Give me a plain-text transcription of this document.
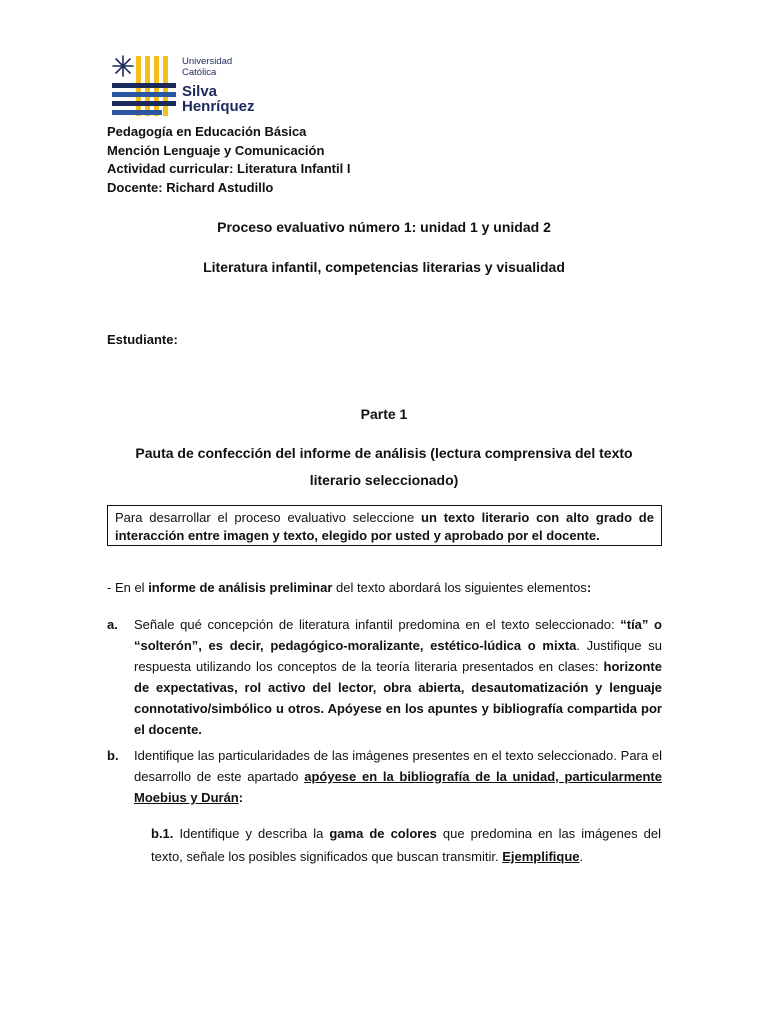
Universidad
Católica
Silva
Henríquez
Pedagogía en Educación Básica
Mención Lenguaje y Comunicación
Actividad curricular: Literatura Infantil I
Docente: Richard Astudillo
Proceso evaluativo número 1: unidad 1 y unidad 2
Literatura infantil, competencias literarias y visualidad
Estudiante:
Parte 1
Pauta de confección del informe de análisis (lectura comprensiva del texto
literario seleccionado)
Para desarrollar el proceso evaluativo seleccione un texto literario con alto grado de interacción entre imagen y texto, elegido por usted y aprobado por el docente.
- En el informe de análisis preliminar del texto abordará los siguientes elementos:
a. Señale qué concepción de literatura infantil predomina en el texto seleccionado: “tía” o “solterón”, es decir, pedagógico-moralizante, estético-lúdica o mixta. Justifique su respuesta utilizando los conceptos de la teoría literaria presentados en clases: horizonte de expectativas, rol activo del lector, obra abierta, desautomatización y lenguaje connotativo/simbólico u otros. Apóyese en los apuntes y bibliografía compartida por el docente.
b. Identifique las particularidades de las imágenes presentes en el texto seleccionado. Para el desarrollo de este apartado apóyese en la bibliografía de la unidad, particularmente Moebius y Durán:
b.1. Identifique y describa la gama de colores que predomina en las imágenes del texto, señale los posibles significados que buscan transmitir. Ejemplifique.
